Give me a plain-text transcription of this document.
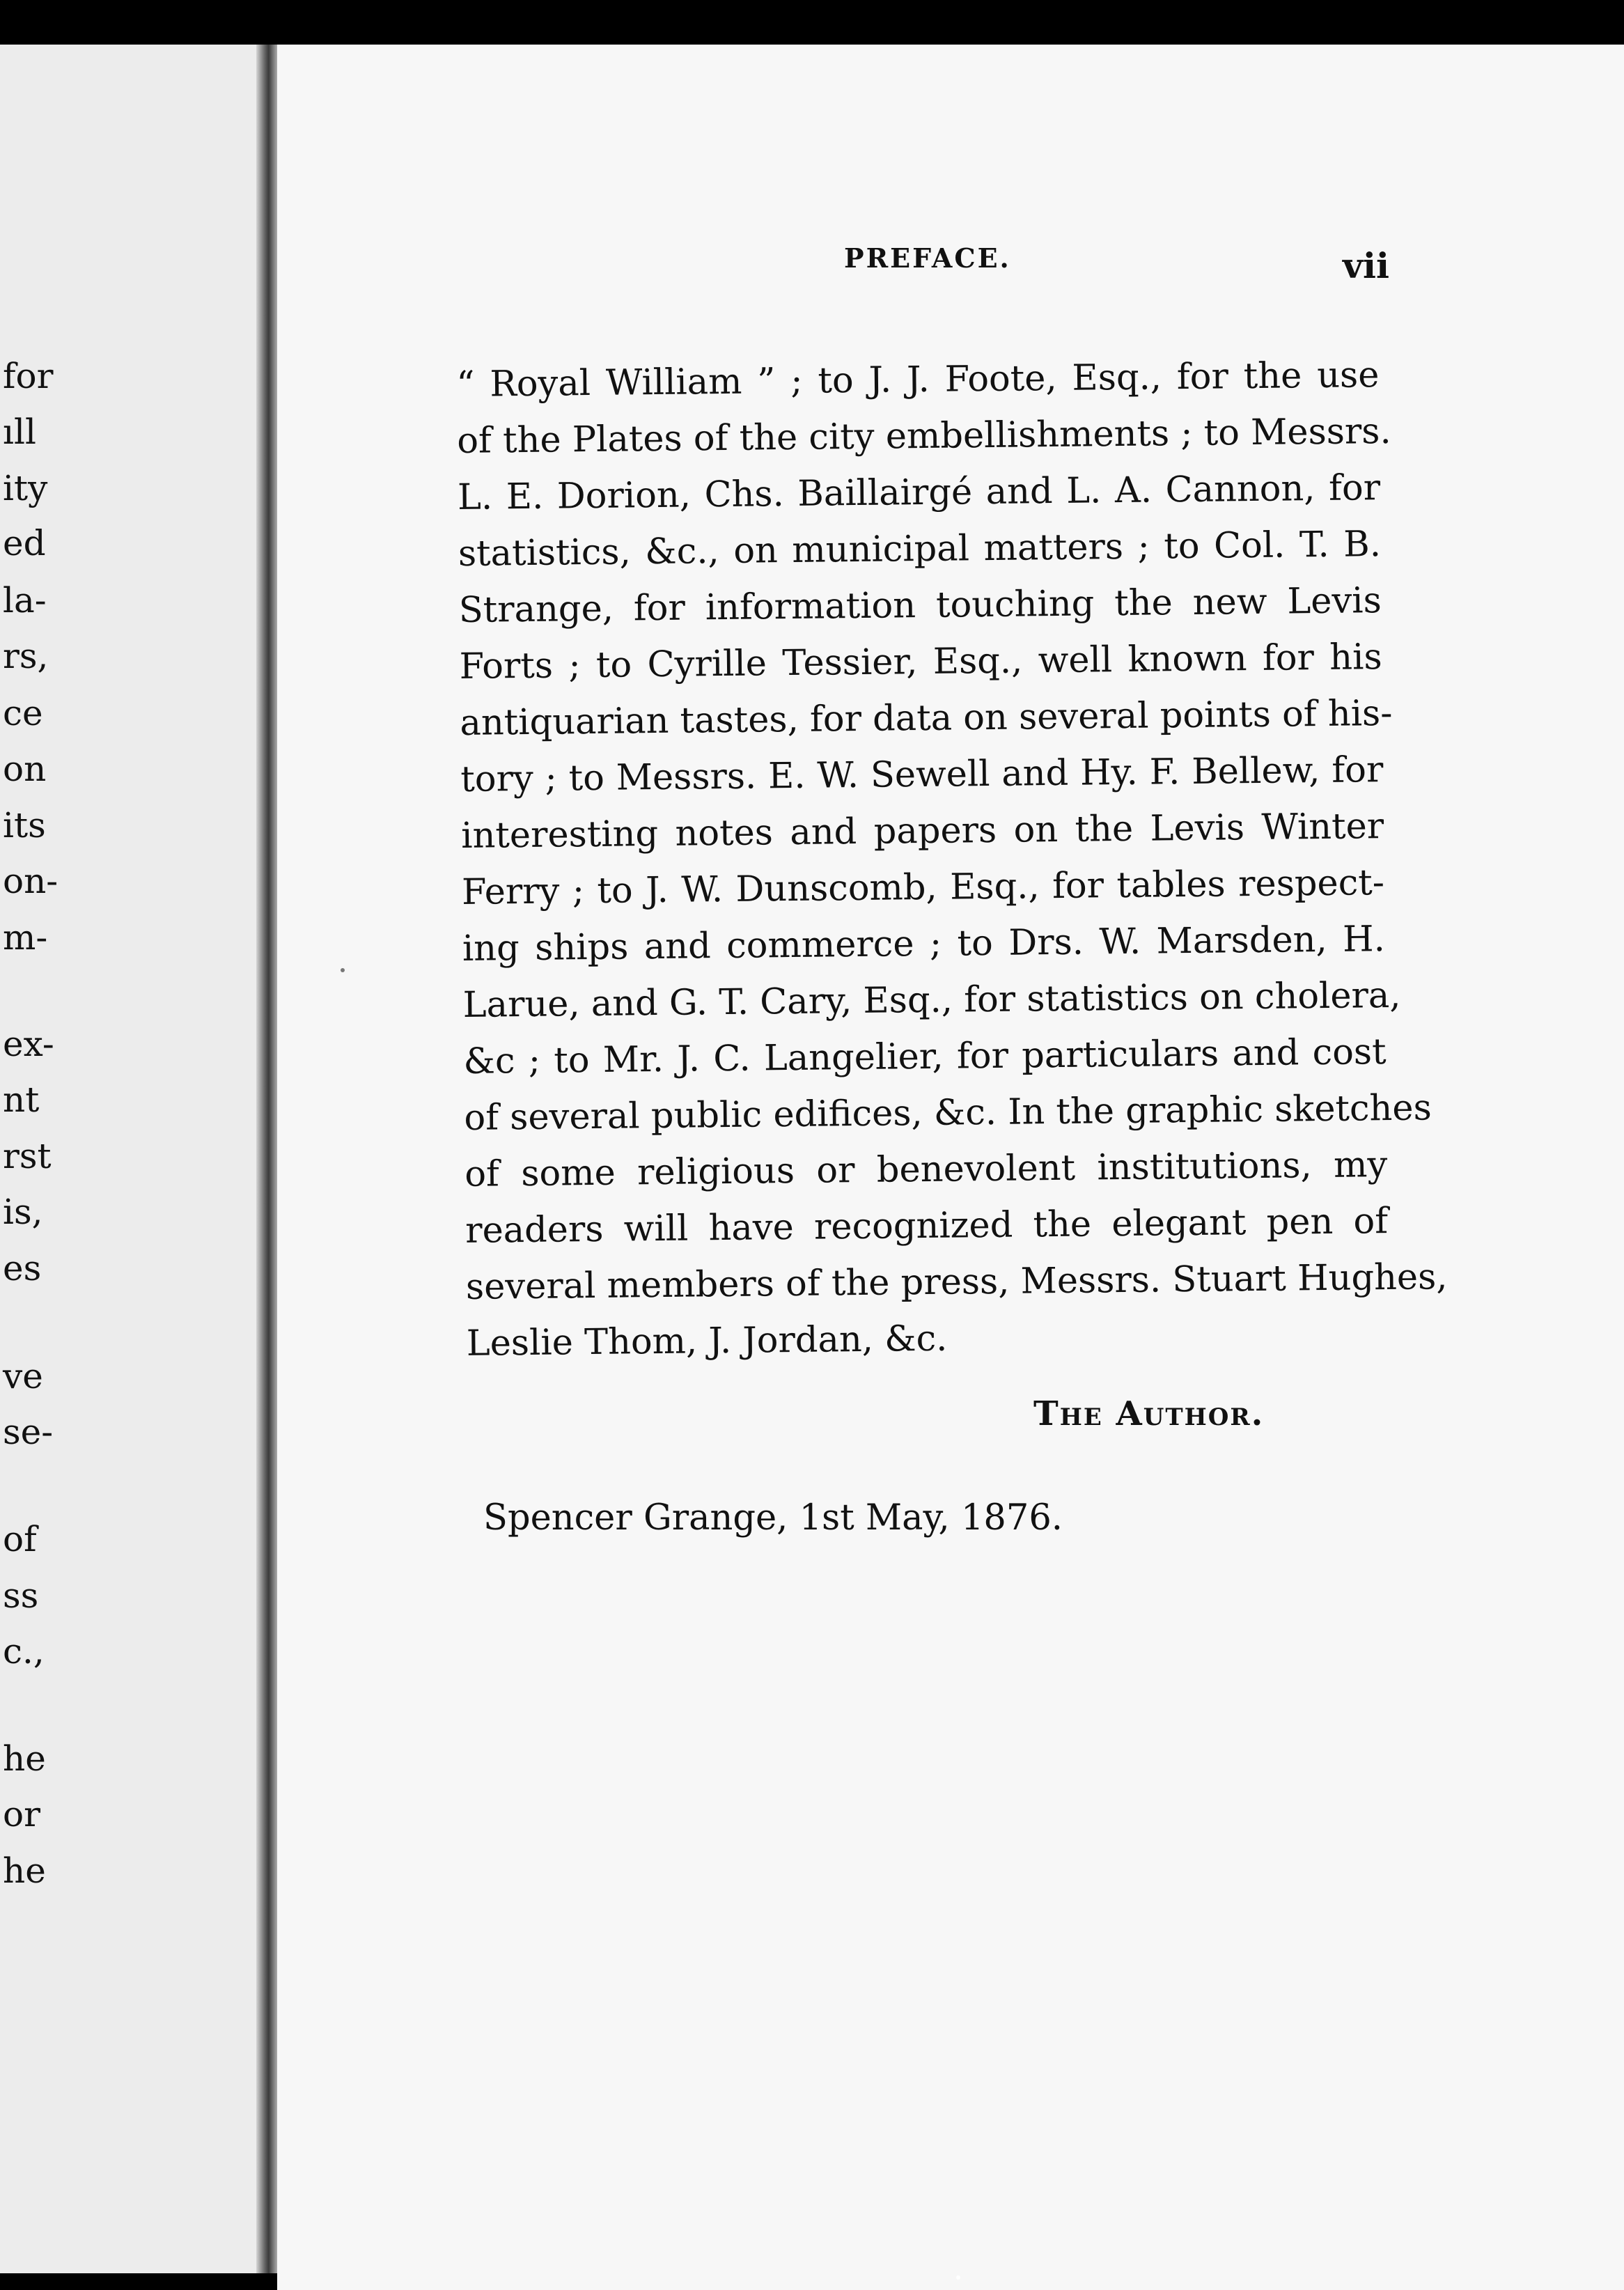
for
ıll
ity
ed
la-
rs,
ce
on
its
on-
m-
ex-
nt
rst
is,
es
ve
se-
of
ss
c.,
he
or
he
PREFACE.	vii
“ Royal William ” ; to J. J. Foote, Esq., for the use
of the Plates of the city embellishments ; to Messrs.
L. E. Dorion, Chs. Baillairgé and L. A. Cannon, for
statistics, &c., on municipal matters ; to Col. T. B.
Strange, for information touching the new Levis
Forts ; to Cyrille Tessier, Esq., well known for his
antiquarian tastes, for data on several points of his-
tory ; to Messrs. E. W. Sewell and Hy. F. Bellew, for
interesting notes and papers on the Levis Winter
Ferry ; to J. W. Dunscomb, Esq., for tables respect-
ing ships and commerce ; to Drs. W. Marsden, H.
Larue, and G. T. Cary, Esq., for statistics on cholera,
&c ; to Mr. J. C. Langelier, for particulars and cost
of several public edifices, &c. In the graphic sketches
of some religious or benevolent institutions, my
readers will have recognized the elegant pen of
several members of the press, Messrs. Stuart Hughes,
Leslie Thom, J. Jordan, &c.
The Author.
Spencer Grange, 1st May, 1876.
